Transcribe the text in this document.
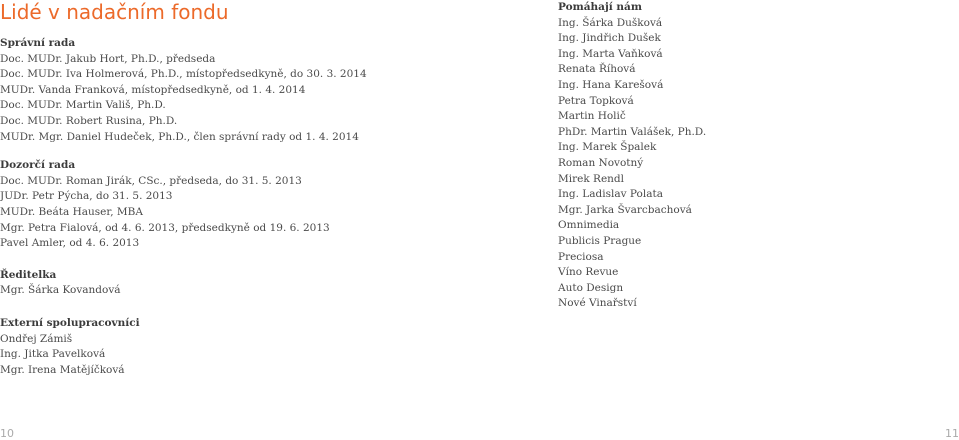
Lidé v nadačním fondu
Správní rada
Doc. MUDr. Jakub Hort, Ph.D., předseda
Doc. MUDr. Iva Holmerová, Ph.D., místopředsedkyně, do 30. 3. 2014
MUDr. Vanda Franková, místopředsedkyně, od 1. 4. 2014
Doc. MUDr. Martin Vališ, Ph.D.
Doc. MUDr. Robert Rusina, Ph.D.
MUDr. Mgr. Daniel Hudeček, Ph.D., člen správní rady od 1. 4. 2014
Dozorčí rada
Doc. MUDr. Roman Jirák, CSc., předseda, do 31. 5. 2013
JUDr. Petr Pýcha, do 31. 5. 2013
MUDr. Beáta Hauser, MBA
Mgr. Petra Fialová, od 4. 6. 2013, předsedkyně od 19. 6. 2013
Pavel Amler, od 4. 6. 2013
Ředitelka
Mgr. Šárka Kovandová
Externí spolupracovníci
Ondřej Zámiš
Ing. Jitka Pavelková
Mgr. Irena Matějíčková
Pomáhají nám
Ing. Šárka Dušková
Ing. Jindřich Dušek
Ing. Marta Vaňková
Renata Říhová
Ing. Hana Karešová
Petra Topková
Martin Holič
PhDr. Martin Valášek, Ph.D.
Ing. Marek Špalek
Roman Novotný
Mirek Rendl
Ing. Ladislav Polata
Mgr. Jarka Švarcbachová
Omnimedia
Publicis Prague
Preciosa
Víno Revue
Auto Design
Nové Vinařství
10	11
